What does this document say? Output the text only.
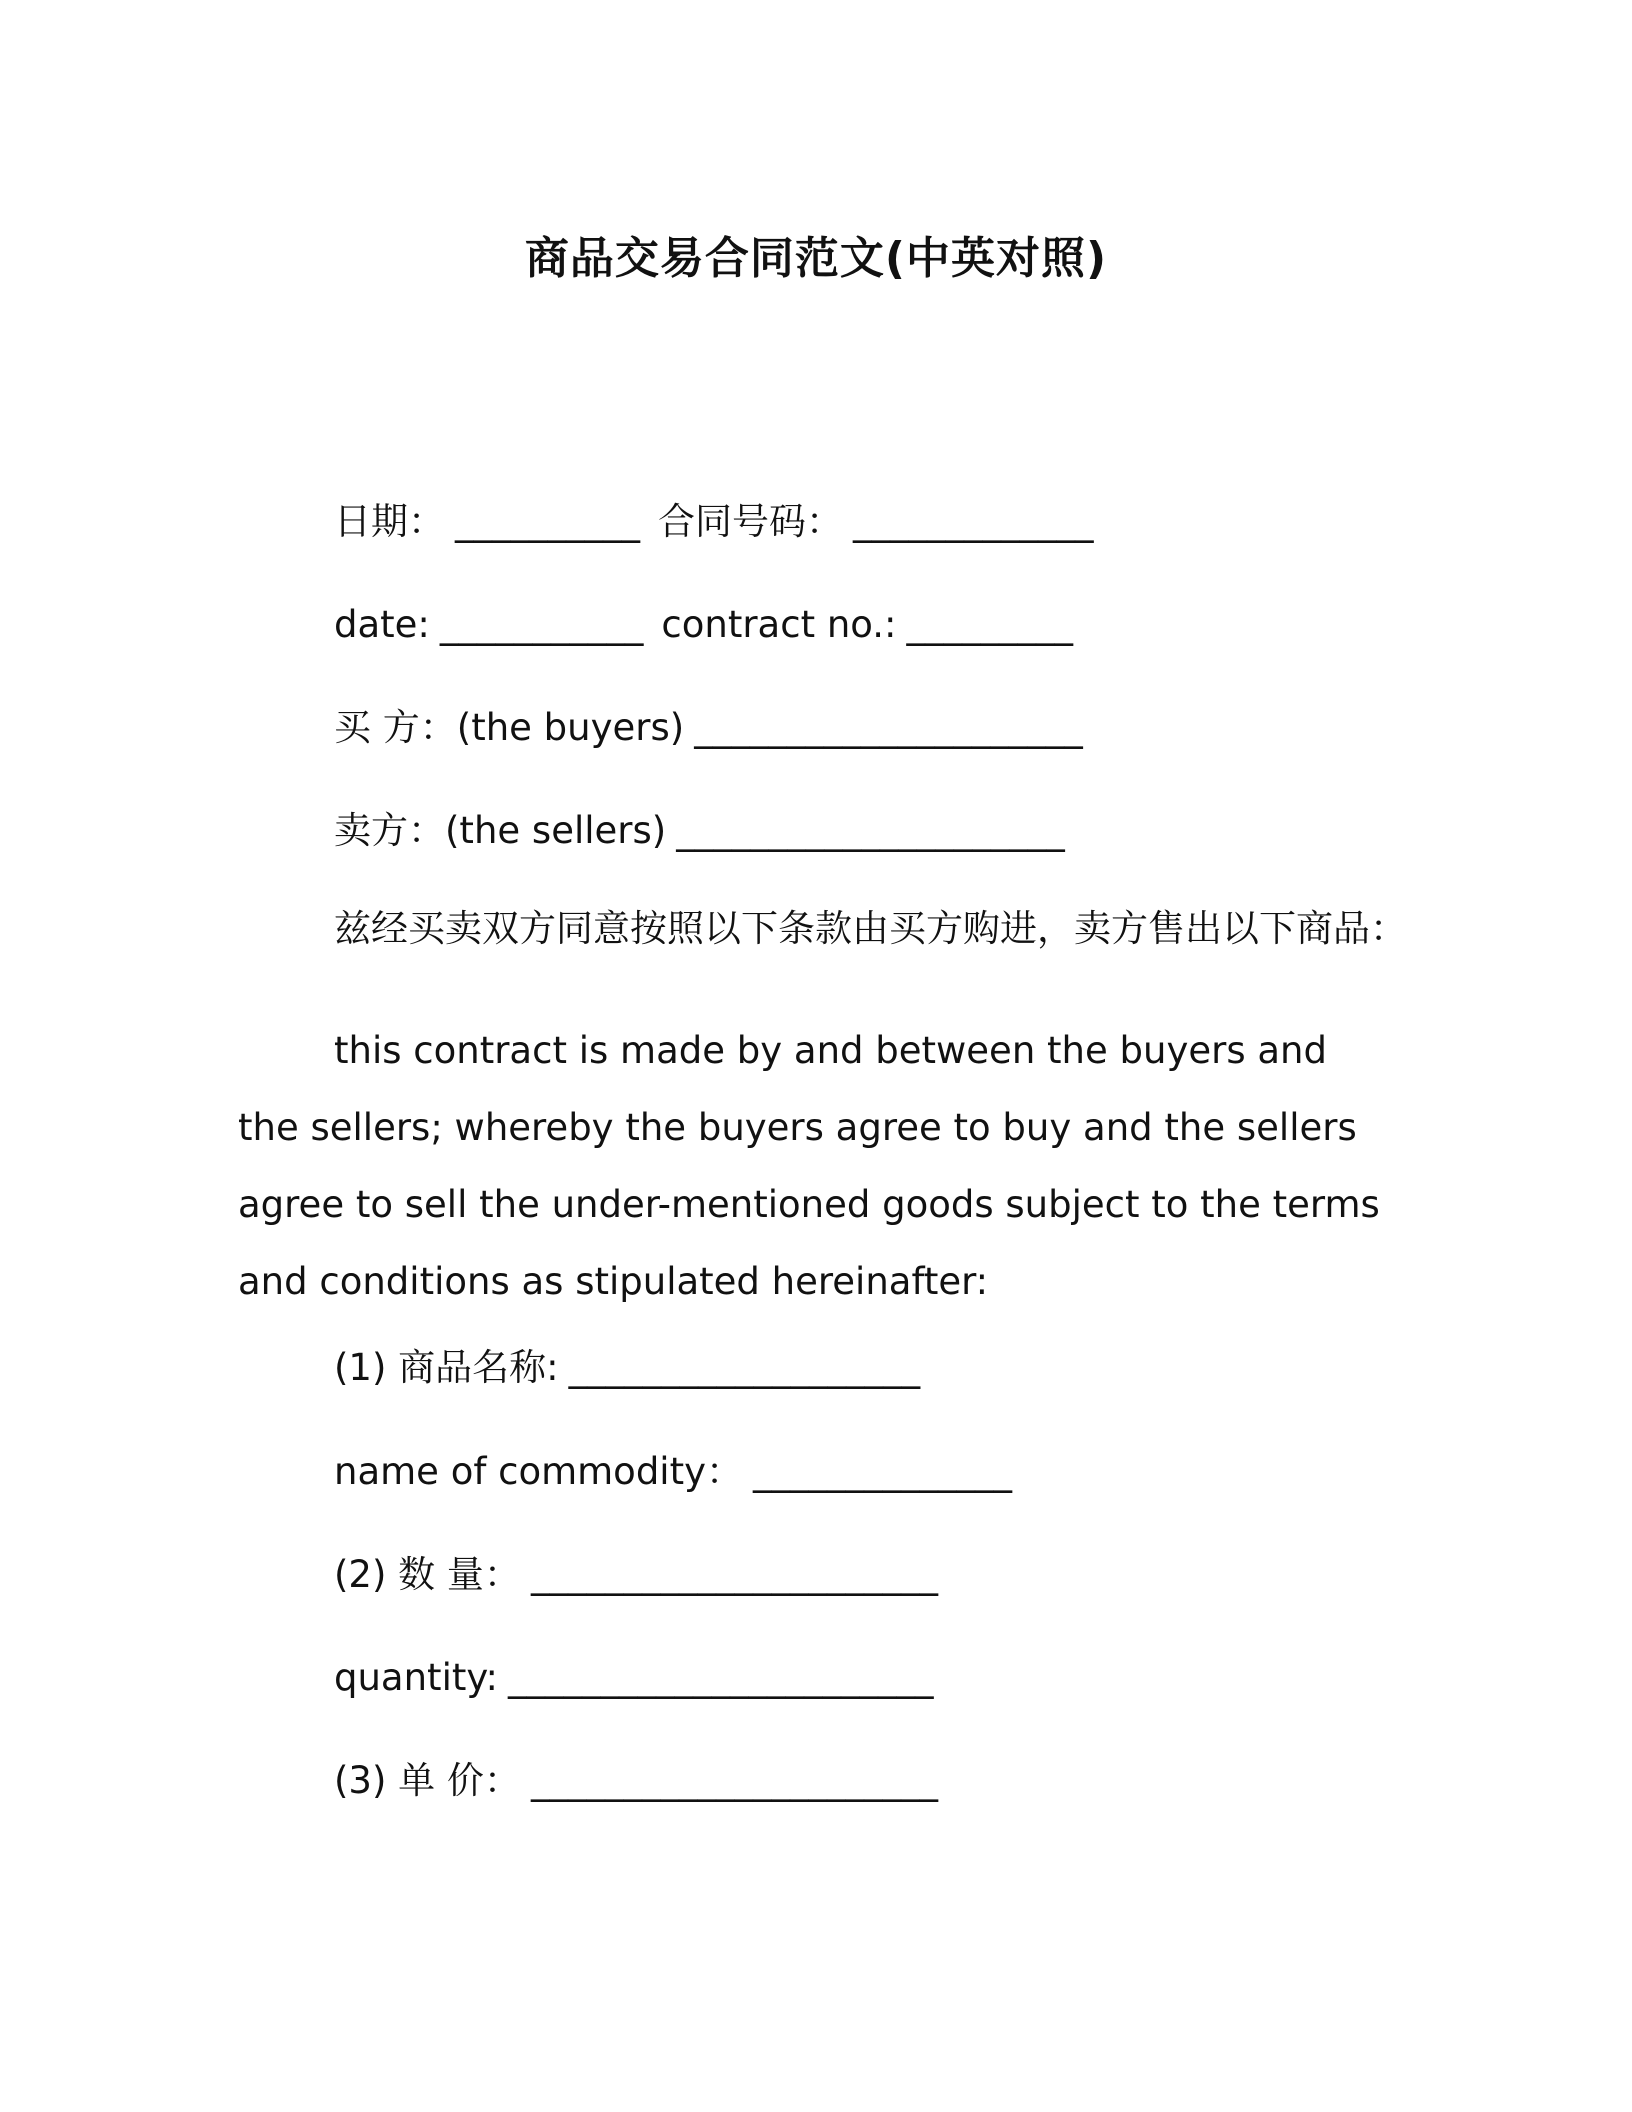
商品交易合同范文(中英对照)
日期： __________ 合同号码： _____________
date: ___________ contract no.: _________
买 方：(the buyers) _____________________
卖方：(the sellers) _____________________
兹经买卖双方同意按照以下条款由买方购进，卖方售出以下商品：

this contract is made by and between the buyers and the sellers; whereby the buyers agree to buy and the sellers agree to sell the under-mentioned goods subject to the terms and conditions as stipulated hereinafter:

(1) 商品名称: ___________________
name of commodity： ______________
(2) 数 量： ______________________
quantity: _______________________
(3) 单 价： ______________________
